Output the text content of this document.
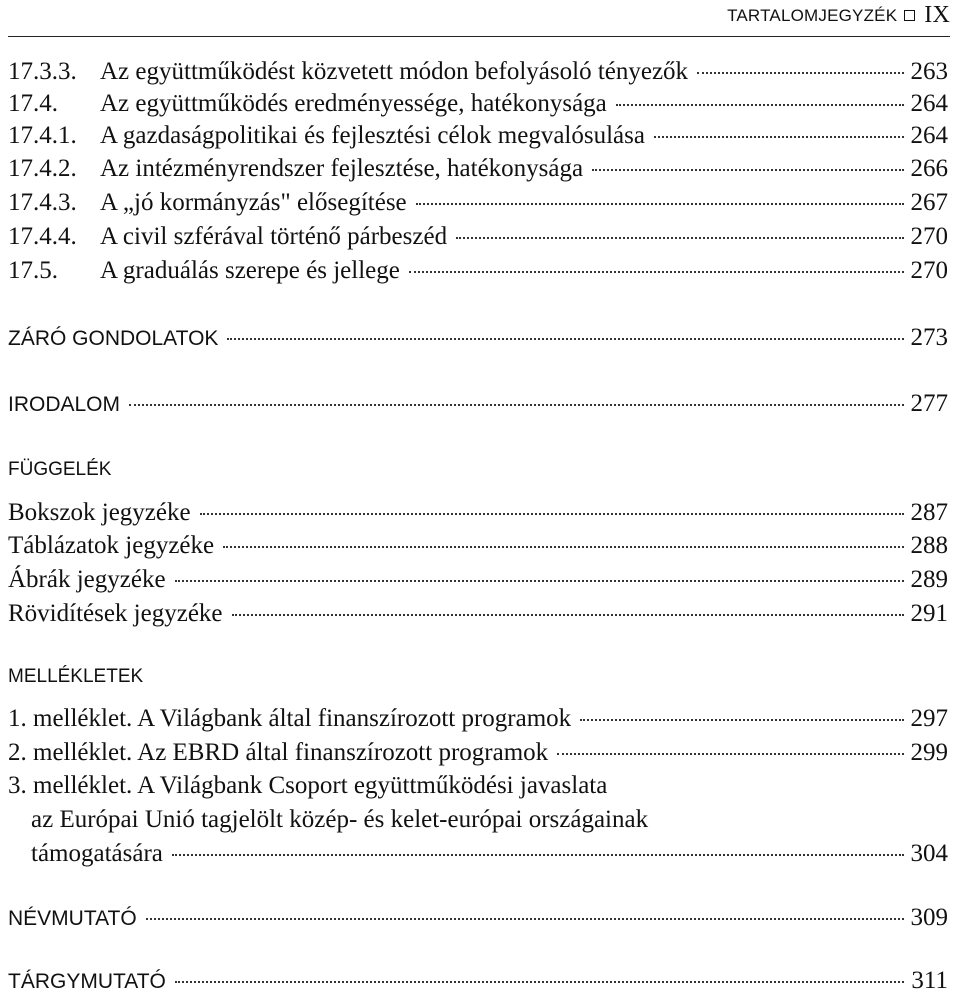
TARTALOMJEGYZÉK IX
17.3.3. Az együttműködést közvetett módon befolyásoló tényezők	263
17.4.	Az együttműködés eredményessége, hatékonysága	264
17.4.1. A gazdaságpolitikai és fejlesztési célok megvalósulása	264
17.4.2. Az intézményrendszer fejlesztése, hatékonysága	266
17.4.3. A „jó kormányzás" elősegítése	267
17.4.4. A civil szférával történő párbeszéd	270
17.5.	A graduálás szerepe és jellege	270
ZÁRÓ GONDOLATOK	273
IRODALOM	277
FÜGGELÉK
Bokszok jegyzéke	287
Táblázatok jegyzéke	288
Ábrák jegyzéke	289
Rövidítések jegyzéke	291
MELLÉKLETEK
1. melléklet. A Világbank által finanszírozott programok	297
2. melléklet. Az EBRD által finanszírozott programok	299
3. melléklet. A Világbank Csoport együttműködési javaslata
az Európai Unió tagjelölt közép- és kelet-európai országainak
támogatására	304
NÉVMUTATÓ	309
TÁRGYMUTATÓ	311
